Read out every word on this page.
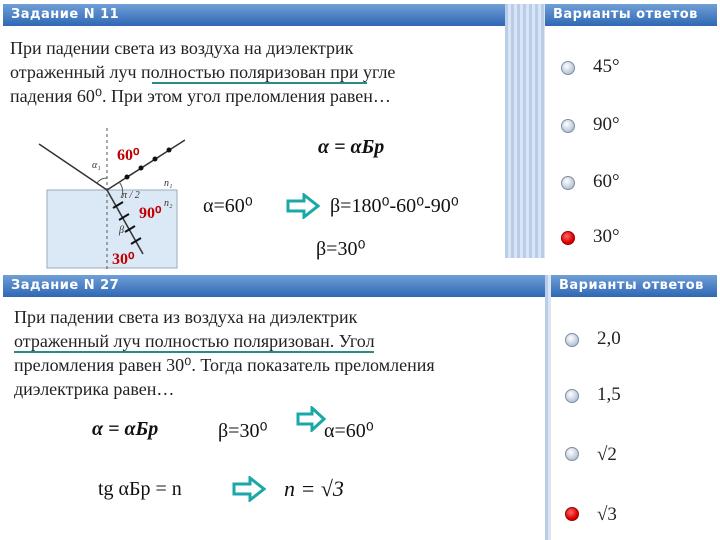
Задание N 11	Варианты ответов
При падении света из воздуха на диэлектрик
отраженный луч полностью поляризован при угле
падения 60⁰. При этом угол преломления равен…
60⁰
90⁰
30⁰
α₁
β
n₁
n₂
π / 2
α = αБр
α=60⁰	β=180⁰-60⁰-90⁰
β=30⁰
45°
90°
60°
30°
Задание N 27	Варианты ответов
При падении света из воздуха на диэлектрик
отраженный луч полностью поляризован. Угол
преломления равен 30⁰. Тогда показатель преломления
диэлектрика равен…
α = αБр	β=30⁰	α=60⁰
tg αБр = n	n = √3
2,0
1,5
√2
√3
